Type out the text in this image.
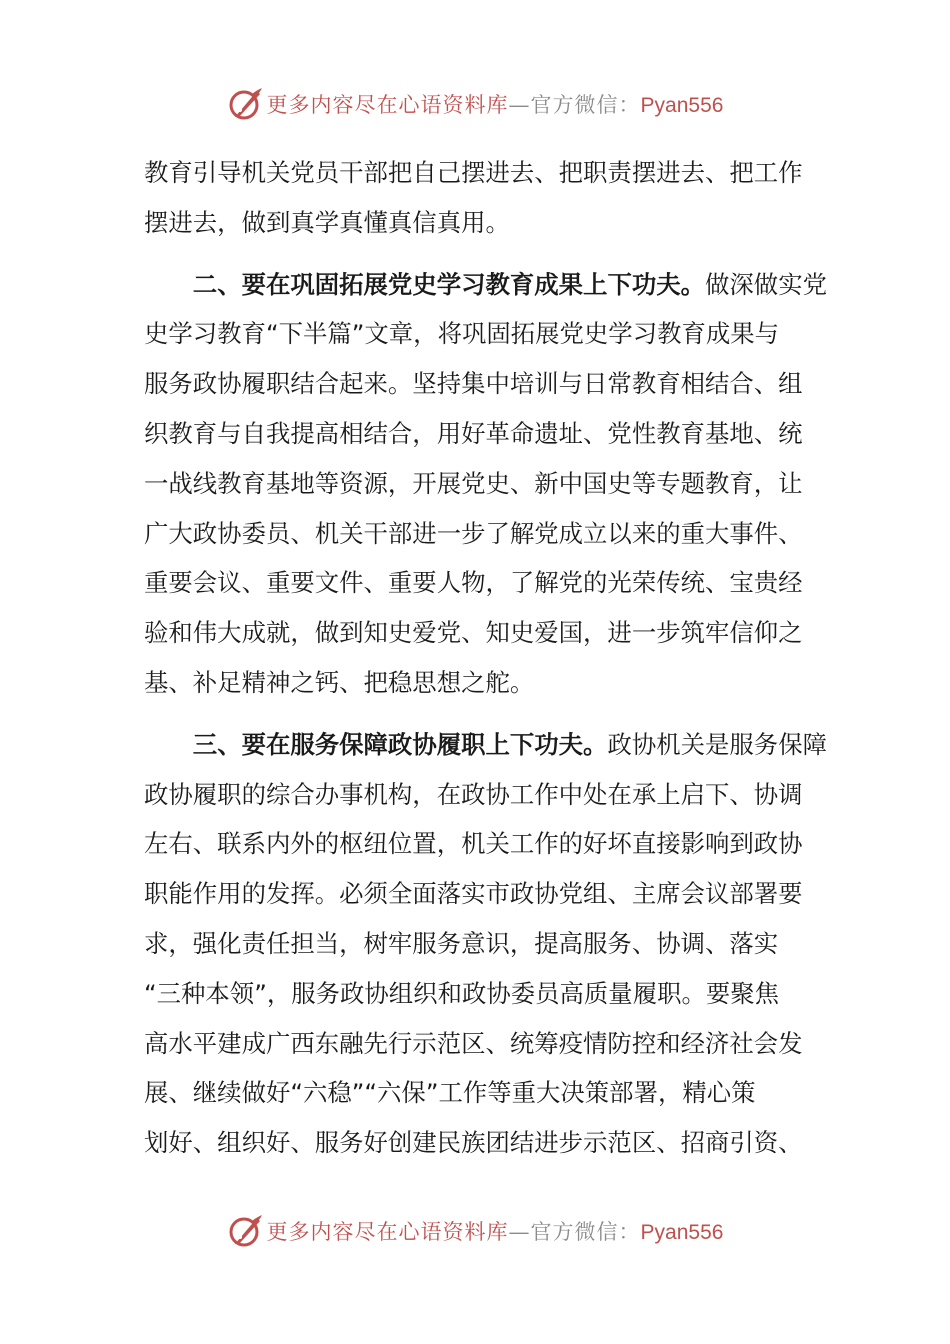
更多内容尽在心语资料库—官方微信：Pyan556

教育引导机关党员干部把自己摆进去、把职责摆进去、把工作

摆进去，做到真学真懂真信真用。

　　二、要在巩固拓展党史学习教育成果上下功夫。做深做实党

史学习教育“下半篇”文章，将巩固拓展党史学习教育成果与

服务政协履职结合起来。坚持集中培训与日常教育相结合、组

织教育与自我提高相结合，用好革命遗址、党性教育基地、统

一战线教育基地等资源，开展党史、新中国史等专题教育，让

广大政协委员、机关干部进一步了解党成立以来的重大事件、

重要会议、重要文件、重要人物，了解党的光荣传统、宝贵经

验和伟大成就，做到知史爱党、知史爱国，进一步筑牢信仰之

基、补足精神之钙、把稳思想之舵。

　　三、要在服务保障政协履职上下功夫。政协机关是服务保障

政协履职的综合办事机构，在政协工作中处在承上启下、协调

左右、联系内外的枢纽位置，机关工作的好坏直接影响到政协

职能作用的发挥。必须全面落实市政协党组、主席会议部署要

求，强化责任担当，树牢服务意识，提高服务、协调、落实

“三种本领”，服务政协组织和政协委员高质量履职。要聚焦

高水平建成广西东融先行示范区、统筹疫情防控和经济社会发

展、继续做好“六稳”“六保”工作等重大决策部署，精心策

划好、组织好、服务好创建民族团结进步示范区、招商引资、

更多内容尽在心语资料库—官方微信：Pyan556
